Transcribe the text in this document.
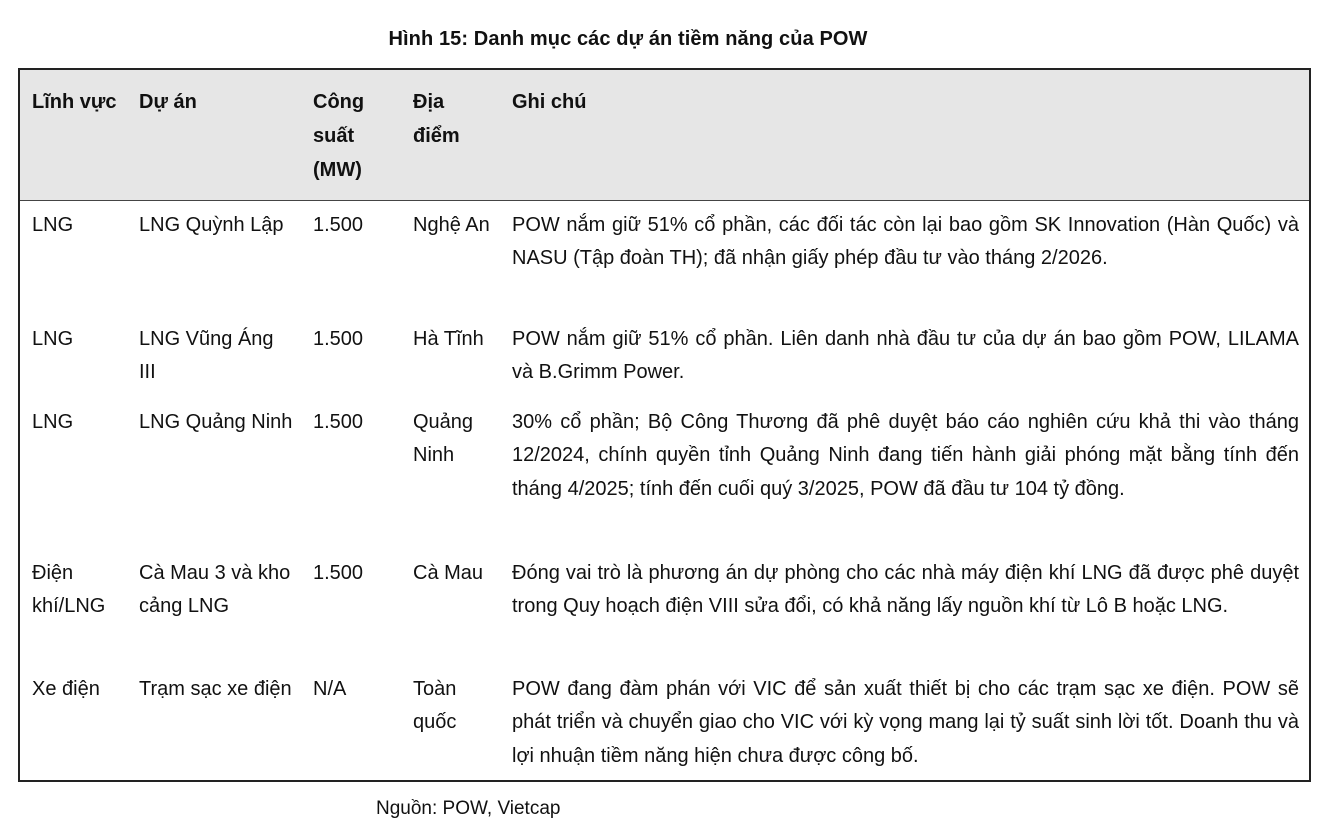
Hình 15: Danh mục các dự án tiềm năng của POW
Lĩnh vực	Dự án	Công suất (MW)	Địa điểm	Ghi chú
LNG	LNG Quỳnh Lập	1.500	Nghệ An	POW nắm giữ 51% cổ phần, các đối tác còn lại bao gồm SK Innovation (Hàn Quốc) và NASU (Tập đoàn TH); đã nhận giấy phép đầu tư vào tháng 2/2026.
LNG	LNG Vũng Áng III	1.500	Hà Tĩnh	POW nắm giữ 51% cổ phần. Liên danh nhà đầu tư của dự án bao gồm POW, LILAMA và B.Grimm Power.
LNG	LNG Quảng Ninh	1.500	Quảng Ninh	30% cổ phần; Bộ Công Thương đã phê duyệt báo cáo nghiên cứu khả thi vào tháng 12/2024, chính quyền tỉnh Quảng Ninh đang tiến hành giải phóng mặt bằng tính đến tháng 4/2025; tính đến cuối quý 3/2025, POW đã đầu tư 104 tỷ đồng.
Điện khí/LNG	Cà Mau 3 và kho cảng LNG	1.500	Cà Mau	Đóng vai trò là phương án dự phòng cho các nhà máy điện khí LNG đã được phê duyệt trong Quy hoạch điện VIII sửa đổi, có khả năng lấy nguồn khí từ Lô B hoặc LNG.
Xe điện	Trạm sạc xe điện	N/A	Toàn quốc	POW đang đàm phán với VIC để sản xuất thiết bị cho các trạm sạc xe điện. POW sẽ phát triển và chuyển giao cho VIC với kỳ vọng mang lại tỷ suất sinh lời tốt. Doanh thu và lợi nhuận tiềm năng hiện chưa được công bố.
Nguồn: POW, Vietcap
